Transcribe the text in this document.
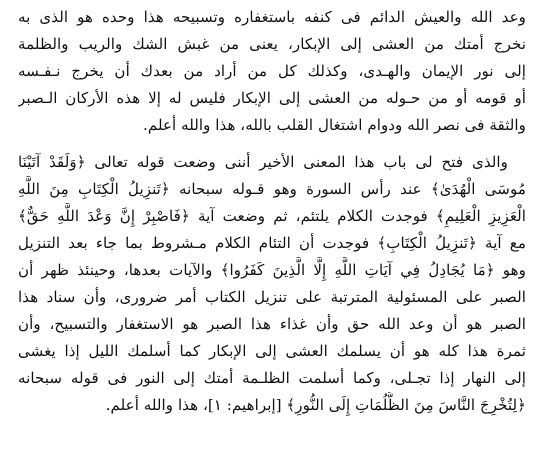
وعد الله والعيش الدائم فى كنفه باستغفاره وتسبيحه هذا وحده هو الذى به
نخرج أمتك من العشى إلى الإبكار، يعنى من غبش الشك والريب والظلمة
إلى نور الإيمان والهـدى، وكذلك كل من أراد من بعدك أن يخرج نـفـسه
أو قومه أو من حـوله من العشى إلى الإبكار فليس له إلا هذه الأركان الـصبر
والثقة فى نصر الله ودوام اشتغال القلب بالله، هذا والله أعلم.
والذى فتح لى باب هذا المعنى الأخير أننى وضعت قوله تعالى ﴿وَلَقَدْ آتَيْنَا
مُوسَى الْهُدَىٰ﴾ عند رأس السورة وهو قـوله سبحانه ﴿تَنزِيلُ الْكِتَابِ مِنَ اللَّهِ
الْعَزِيزِ الْعَلِيمِ﴾ فوجدت الكلام يلتئم، ثم وضعت آية ﴿فَاصْبِرْ إِنَّ وَعْدَ اللَّهِ حَقٌّ﴾
مع آية ﴿تَنزِيلُ الْكِتَابِ﴾ فوجدت أن التئام الكلام مـشروط بما جاء بعد التنزيل
وهو ﴿مَا يُجَادِلُ فِي آيَاتِ اللَّهِ إِلَّا الَّذِينَ كَفَرُوا﴾ والآيات بعدها، وحينئذ ظهر أن
الصبر على المسئولية المترتبة على تنزيل الكتاب أمر ضرورى، وأن سناد هذا
الصبر هو أن وعد الله حق وأن غذاء هذا الصبر هو الاستغفار والتسبيح، وأن
ثمرة هذا كله هو أن يسلمك العشى إلى الإبكار كما أسلمك الليل إذا يغشى
إلى النهار إذا تجـلى، وكما أسلمت الظلـمة أمتك إلى النور فى قوله سبحانه
﴿لِتُخْرِجَ النَّاسَ مِنَ الظُّلُمَاتِ إِلَى النُّورِ﴾ [إبراهيم: ١]، هذا والله أعلم.
